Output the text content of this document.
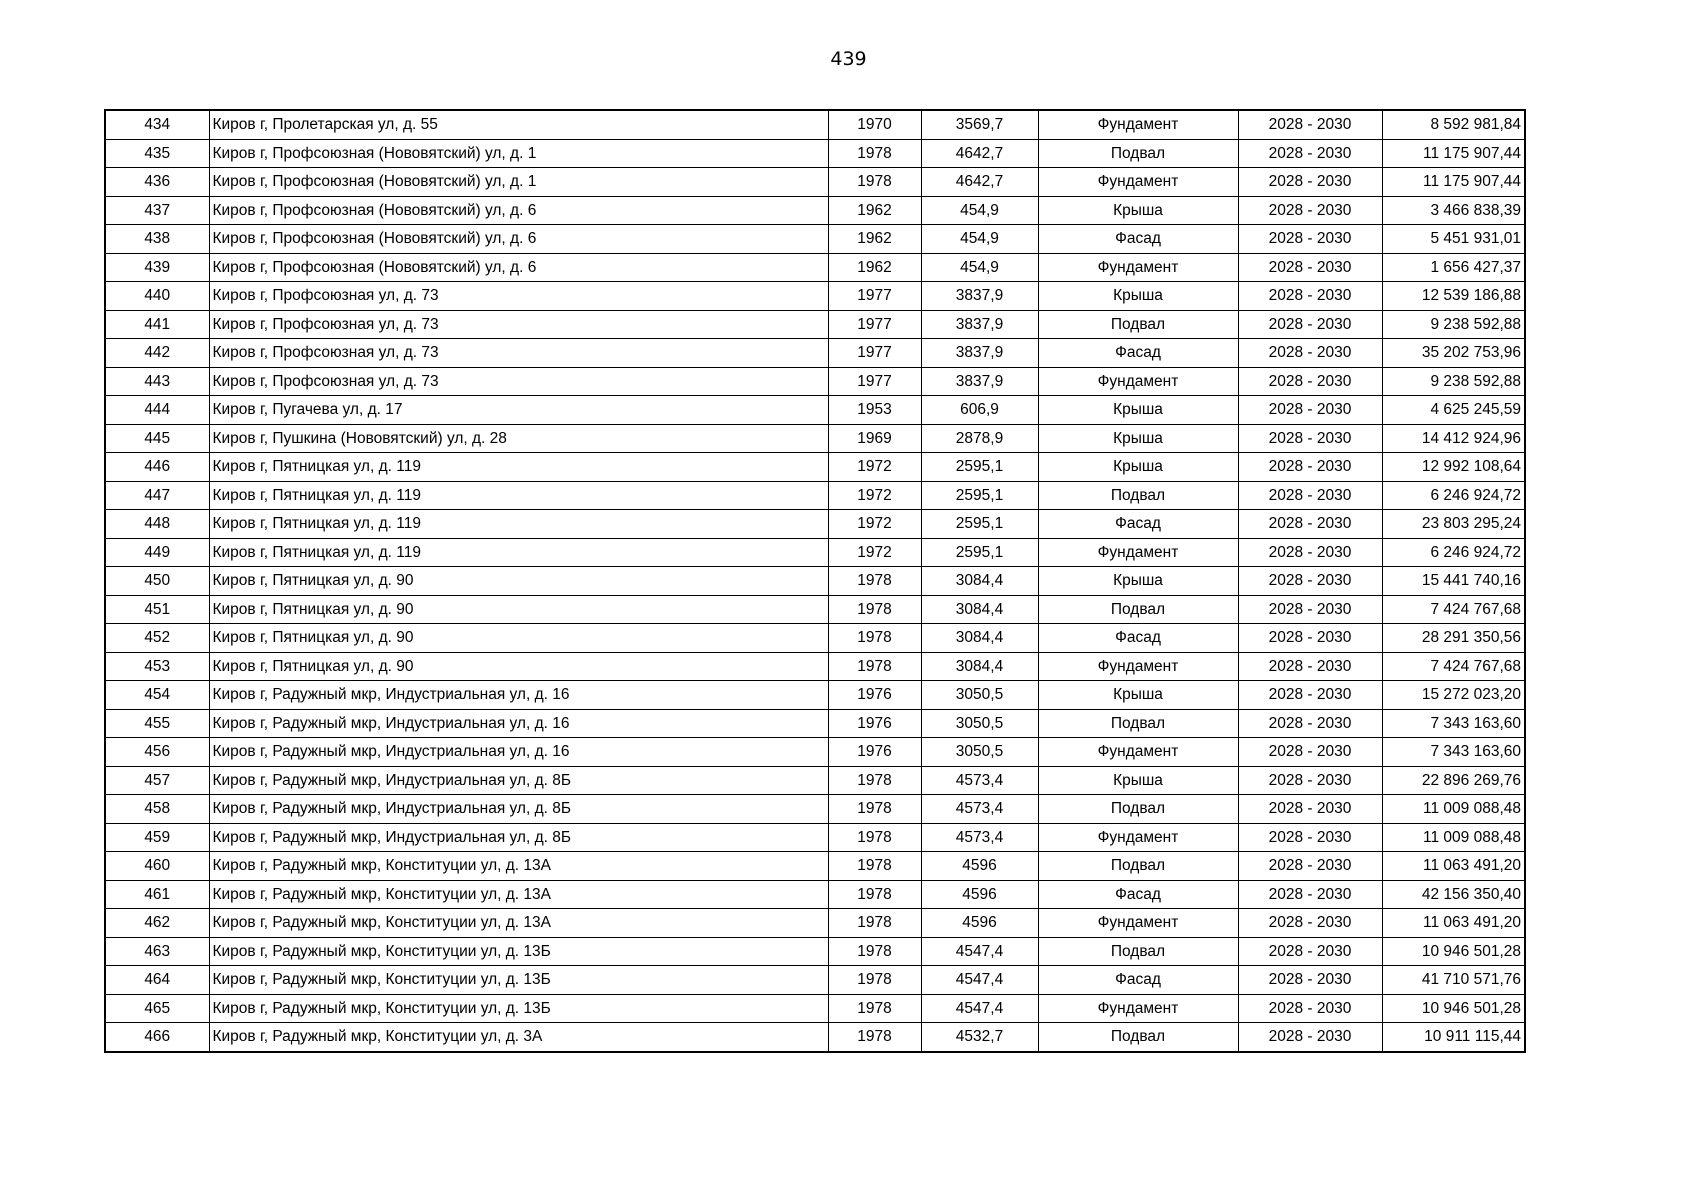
439
434	Киров г, Пролетарская ул, д. 55	1970	3569,7	Фундамент	2028 - 2030	8 592 981,84
435	Киров г, Профсоюзная (Нововятский) ул, д. 1	1978	4642,7	Подвал	2028 - 2030	11 175 907,44
436	Киров г, Профсоюзная (Нововятский) ул, д. 1	1978	4642,7	Фундамент	2028 - 2030	11 175 907,44
437	Киров г, Профсоюзная (Нововятский) ул, д. 6	1962	454,9	Крыша	2028 - 2030	3 466 838,39
438	Киров г, Профсоюзная (Нововятский) ул, д. 6	1962	454,9	Фасад	2028 - 2030	5 451 931,01
439	Киров г, Профсоюзная (Нововятский) ул, д. 6	1962	454,9	Фундамент	2028 - 2030	1 656 427,37
440	Киров г, Профсоюзная ул, д. 73	1977	3837,9	Крыша	2028 - 2030	12 539 186,88
441	Киров г, Профсоюзная ул, д. 73	1977	3837,9	Подвал	2028 - 2030	9 238 592,88
442	Киров г, Профсоюзная ул, д. 73	1977	3837,9	Фасад	2028 - 2030	35 202 753,96
443	Киров г, Профсоюзная ул, д. 73	1977	3837,9	Фундамент	2028 - 2030	9 238 592,88
444	Киров г, Пугачева ул, д. 17	1953	606,9	Крыша	2028 - 2030	4 625 245,59
445	Киров г, Пушкина (Нововятский) ул, д. 28	1969	2878,9	Крыша	2028 - 2030	14 412 924,96
446	Киров г, Пятницкая ул, д. 119	1972	2595,1	Крыша	2028 - 2030	12 992 108,64
447	Киров г, Пятницкая ул, д. 119	1972	2595,1	Подвал	2028 - 2030	6 246 924,72
448	Киров г, Пятницкая ул, д. 119	1972	2595,1	Фасад	2028 - 2030	23 803 295,24
449	Киров г, Пятницкая ул, д. 119	1972	2595,1	Фундамент	2028 - 2030	6 246 924,72
450	Киров г, Пятницкая ул, д. 90	1978	3084,4	Крыша	2028 - 2030	15 441 740,16
451	Киров г, Пятницкая ул, д. 90	1978	3084,4	Подвал	2028 - 2030	7 424 767,68
452	Киров г, Пятницкая ул, д. 90	1978	3084,4	Фасад	2028 - 2030	28 291 350,56
453	Киров г, Пятницкая ул, д. 90	1978	3084,4	Фундамент	2028 - 2030	7 424 767,68
454	Киров г, Радужный мкр, Индустриальная ул, д. 16	1976	3050,5	Крыша	2028 - 2030	15 272 023,20
455	Киров г, Радужный мкр, Индустриальная ул, д. 16	1976	3050,5	Подвал	2028 - 2030	7 343 163,60
456	Киров г, Радужный мкр, Индустриальная ул, д. 16	1976	3050,5	Фундамент	2028 - 2030	7 343 163,60
457	Киров г, Радужный мкр, Индустриальная ул, д. 8Б	1978	4573,4	Крыша	2028 - 2030	22 896 269,76
458	Киров г, Радужный мкр, Индустриальная ул, д. 8Б	1978	4573,4	Подвал	2028 - 2030	11 009 088,48
459	Киров г, Радужный мкр, Индустриальная ул, д. 8Б	1978	4573,4	Фундамент	2028 - 2030	11 009 088,48
460	Киров г, Радужный мкр, Конституции ул, д. 13А	1978	4596	Подвал	2028 - 2030	11 063 491,20
461	Киров г, Радужный мкр, Конституции ул, д. 13А	1978	4596	Фасад	2028 - 2030	42 156 350,40
462	Киров г, Радужный мкр, Конституции ул, д. 13А	1978	4596	Фундамент	2028 - 2030	11 063 491,20
463	Киров г, Радужный мкр, Конституции ул, д. 13Б	1978	4547,4	Подвал	2028 - 2030	10 946 501,28
464	Киров г, Радужный мкр, Конституции ул, д. 13Б	1978	4547,4	Фасад	2028 - 2030	41 710 571,76
465	Киров г, Радужный мкр, Конституции ул, д. 13Б	1978	4547,4	Фундамент	2028 - 2030	10 946 501,28
466	Киров г, Радужный мкр, Конституции ул, д. 3А	1978	4532,7	Подвал	2028 - 2030	10 911 115,44
